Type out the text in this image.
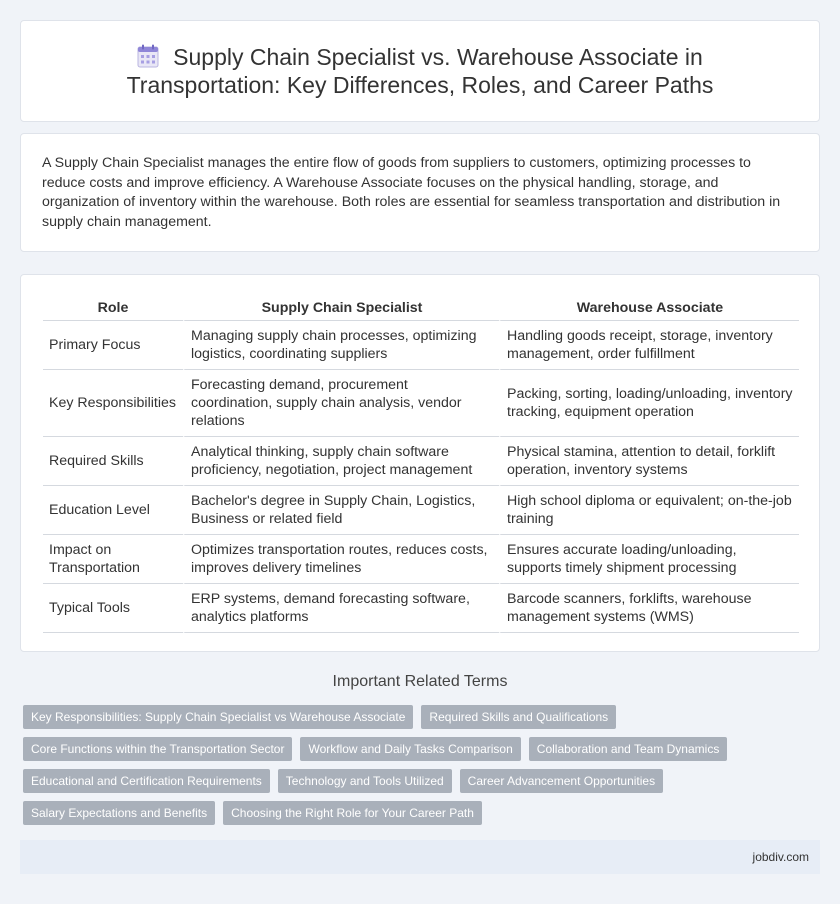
Supply Chain Specialist vs. Warehouse Associate in Transportation: Key Differences, Roles, and Career Paths

A Supply Chain Specialist manages the entire flow of goods from suppliers to customers, optimizing processes to reduce costs and improve efficiency. A Warehouse Associate focuses on the physical handling, storage, and organization of inventory within the warehouse. Both roles are essential for seamless transportation and distribution in supply chain management.

Role	Supply Chain Specialist	Warehouse Associate
Primary Focus	Managing supply chain processes, optimizing logistics, coordinating suppliers	Handling goods receipt, storage, inventory management, order fulfillment
Key Responsibilities	Forecasting demand, procurement coordination, supply chain analysis, vendor relations	Packing, sorting, loading/unloading, inventory tracking, equipment operation
Required Skills	Analytical thinking, supply chain software proficiency, negotiation, project management	Physical stamina, attention to detail, forklift operation, inventory systems
Education Level	Bachelor's degree in Supply Chain, Logistics, Business or related field	High school diploma or equivalent; on-the-job training
Impact on Transportation	Optimizes transportation routes, reduces costs, improves delivery timelines	Ensures accurate loading/unloading, supports timely shipment processing
Typical Tools	ERP systems, demand forecasting software, analytics platforms	Barcode scanners, forklifts, warehouse management systems (WMS)
Important Related Terms
Key Responsibilities: Supply Chain Specialist vs Warehouse Associate	Required Skills and Qualifications
Core Functions within the Transportation Sector	Workflow and Daily Tasks Comparison	Collaboration and Team Dynamics
Educational and Certification Requirements	Technology and Tools Utilized	Career Advancement Opportunities
Salary Expectations and Benefits	Choosing the Right Role for Your Career Path
jobdiv.com
